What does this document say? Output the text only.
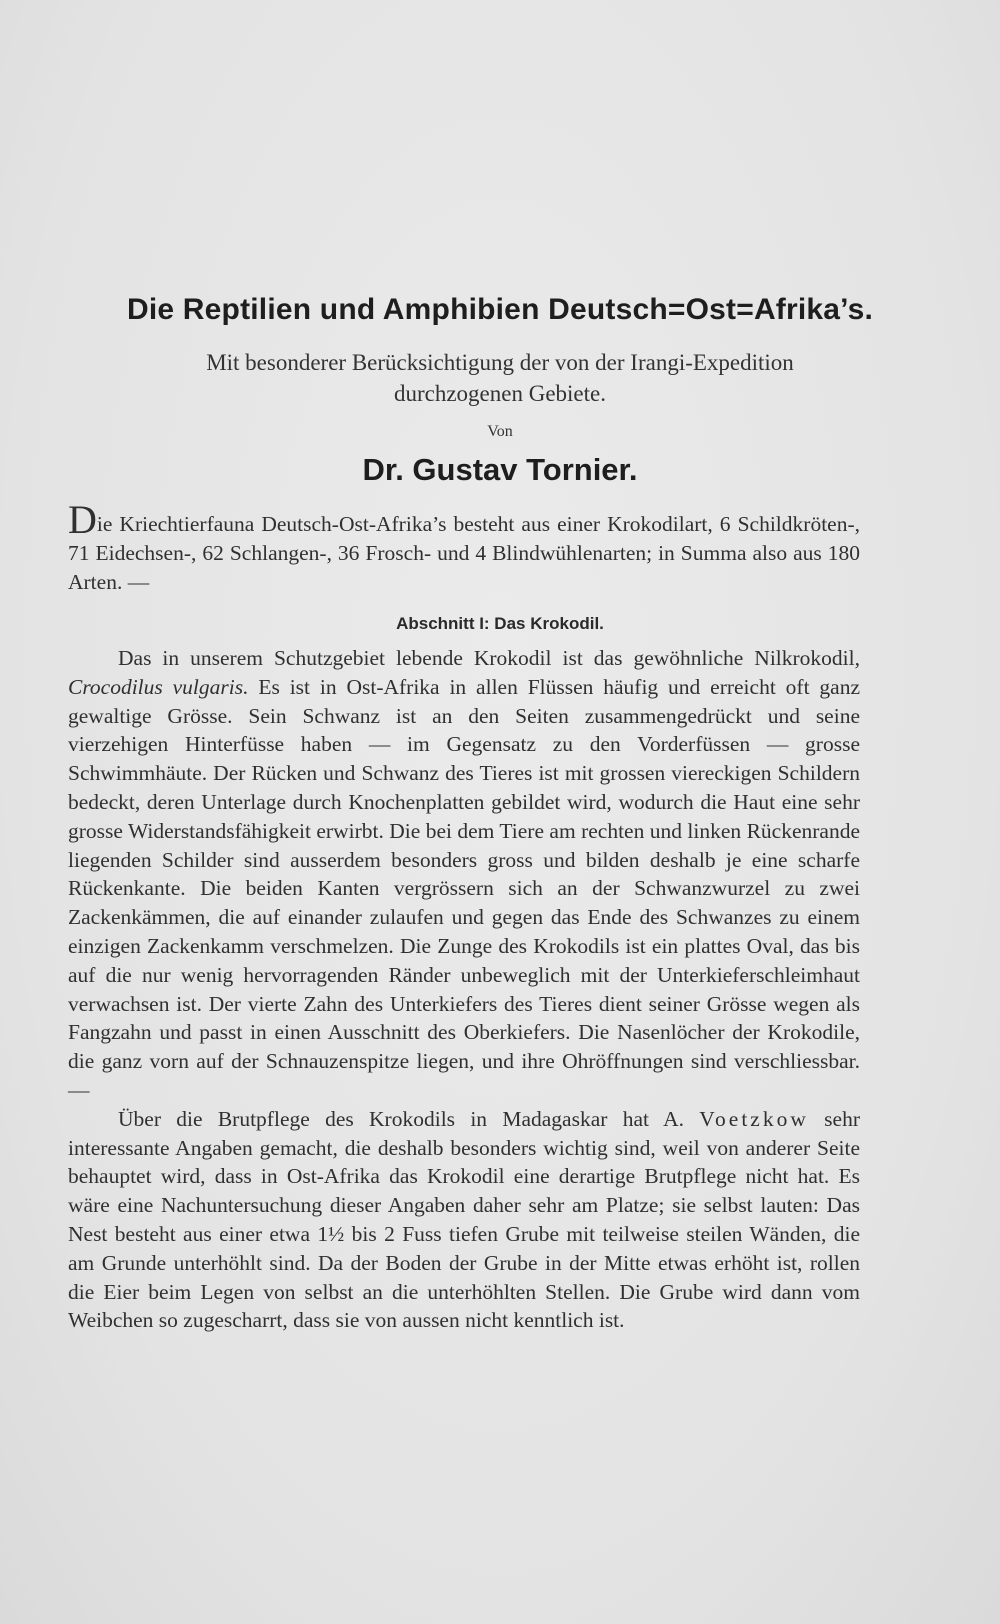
Die Reptilien und Amphibien Deutsch=Ost=Afrika’s.
Mit besonderer Berücksichtigung der von der Irangi-Expedition
durchzogenen Gebiete.
Von
Dr. Gustav Tornier.

Die Kriechtierfauna Deutsch-Ost-Afrika’s besteht aus einer Krokodilart, 6 Schildkröten-, 71 Eidechsen-, 62 Schlangen-, 36 Frosch- und 4 Blindwühlenarten; in Summa also aus 180 Arten. —

Abschnitt I: Das Krokodil.

Das in unserem Schutzgebiet lebende Krokodil ist das gewöhnliche Nilkrokodil, Crocodilus vulgaris. Es ist in Ost-Afrika in allen Flüssen häufig und erreicht oft ganz gewaltige Grösse. Sein Schwanz ist an den Seiten zusammengedrückt und seine vierzehigen Hinterfüsse haben — im Gegensatz zu den Vorderfüssen — grosse Schwimmhäute. Der Rücken und Schwanz des Tieres ist mit grossen viereckigen Schildern bedeckt, deren Unterlage durch Knochenplatten gebildet wird, wodurch die Haut eine sehr grosse Widerstandsfähigkeit erwirbt. Die bei dem Tiere am rechten und linken Rückenrande liegenden Schilder sind ausserdem besonders gross und bilden deshalb je eine scharfe Rückenkante. Die beiden Kanten vergrössern sich an der Schwanzwurzel zu zwei Zackenkämmen, die auf einander zulaufen und gegen das Ende des Schwanzes zu einem einzigen Zackenkamm verschmelzen. Die Zunge des Krokodils ist ein plattes Oval, das bis auf die nur wenig hervorragenden Ränder unbeweglich mit der Unterkieferschleimhaut verwachsen ist. Der vierte Zahn des Unterkiefers des Tieres dient seiner Grösse wegen als Fangzahn und passt in einen Ausschnitt des Oberkiefers. Die Nasenlöcher der Krokodile, die ganz vorn auf der Schnauzenspitze liegen, und ihre Ohröffnungen sind verschliessbar. —

Über die Brutpflege des Krokodils in Madagaskar hat A. Voetzkow sehr interessante Angaben gemacht, die deshalb besonders wichtig sind, weil von anderer Seite behauptet wird, dass in Ost-Afrika das Krokodil eine derartige Brutpflege nicht hat. Es wäre eine Nachuntersuchung dieser Angaben daher sehr am Platze; sie selbst lauten: Das Nest besteht aus einer etwa 1½ bis 2 Fuss tiefen Grube mit teilweise steilen Wänden, die am Grunde unterhöhlt sind. Da der Boden der Grube in der Mitte etwas erhöht ist, rollen die Eier beim Legen von selbst an die unterhöhlten Stellen. Die Grube wird dann vom Weibchen so zugescharrt, dass sie von aussen nicht kenntlich ist.
